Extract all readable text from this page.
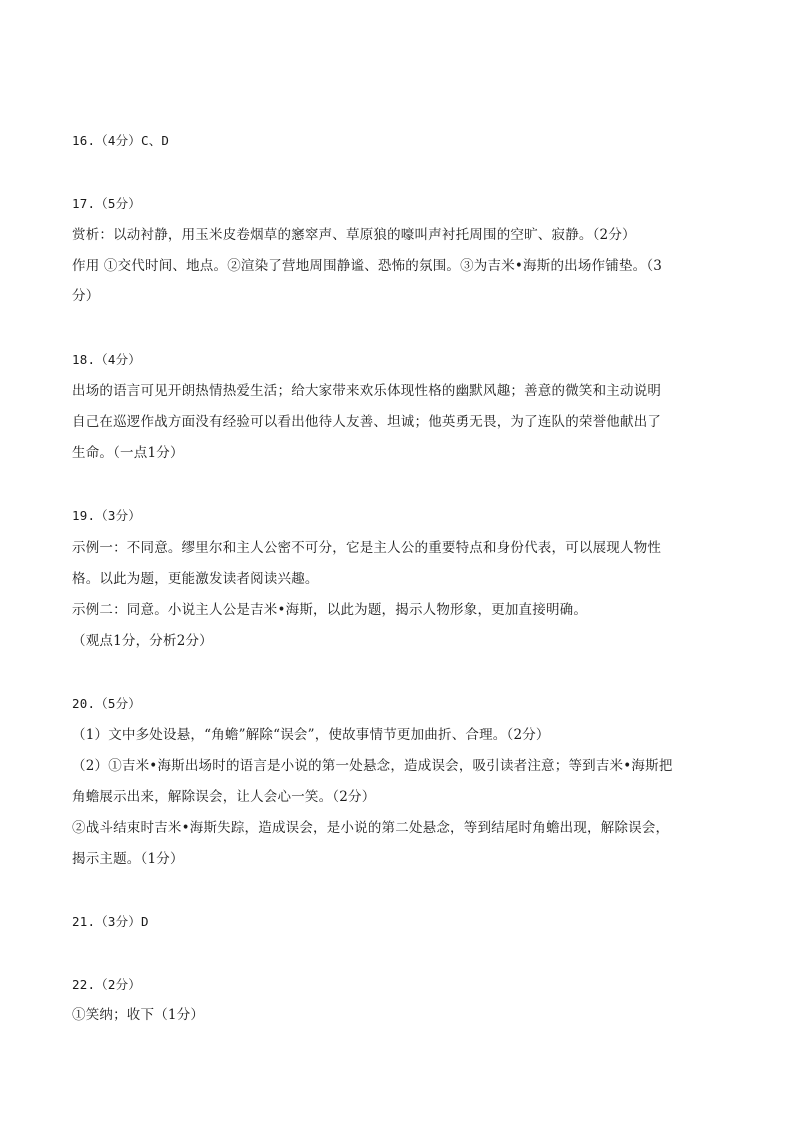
16.（4分）C、D
17.（5分）
赏析：以动衬静，用玉米皮卷烟草的窸窣声、草原狼的嚎叫声衬托周围的空旷、寂静。（2分）
作用 ①交代时间、地点。②渲染了营地周围静谧、恐怖的氛围。③为吉米•海斯的出场作铺垫。（3
分）
18.（4分）
出场的语言可见开朗热情热爱生活；给大家带来欢乐体现性格的幽默风趣；善意的微笑和主动说明
自己在巡逻作战方面没有经验可以看出他待人友善、坦诚；他英勇无畏，为了连队的荣誉他献出了
生命。（一点1分）
19.（3分）
示例一：不同意。缪里尔和主人公密不可分，它是主人公的重要特点和身份代表，可以展现人物性
格。以此为题，更能激发读者阅读兴趣。
示例二：同意。小说主人公是吉米•海斯，以此为题，揭示人物形象，更加直接明确。
（观点1分，分析2分）
20.（5分）
（1）文中多处设悬，“角蟾”解除“误会”，使故事情节更加曲折、合理。（2分）
（2）①吉米•海斯出场时的语言是小说的第一处悬念，造成误会，吸引读者注意；等到吉米•海斯把
角蟾展示出来，解除误会，让人会心一笑。（2分）
②战斗结束时吉米•海斯失踪，造成误会，是小说的第二处悬念，等到结尾时角蟾出现，解除误会，
揭示主题。（1分）
21.（3分）D
22.（2分）
①笑纳；收下（1分）
